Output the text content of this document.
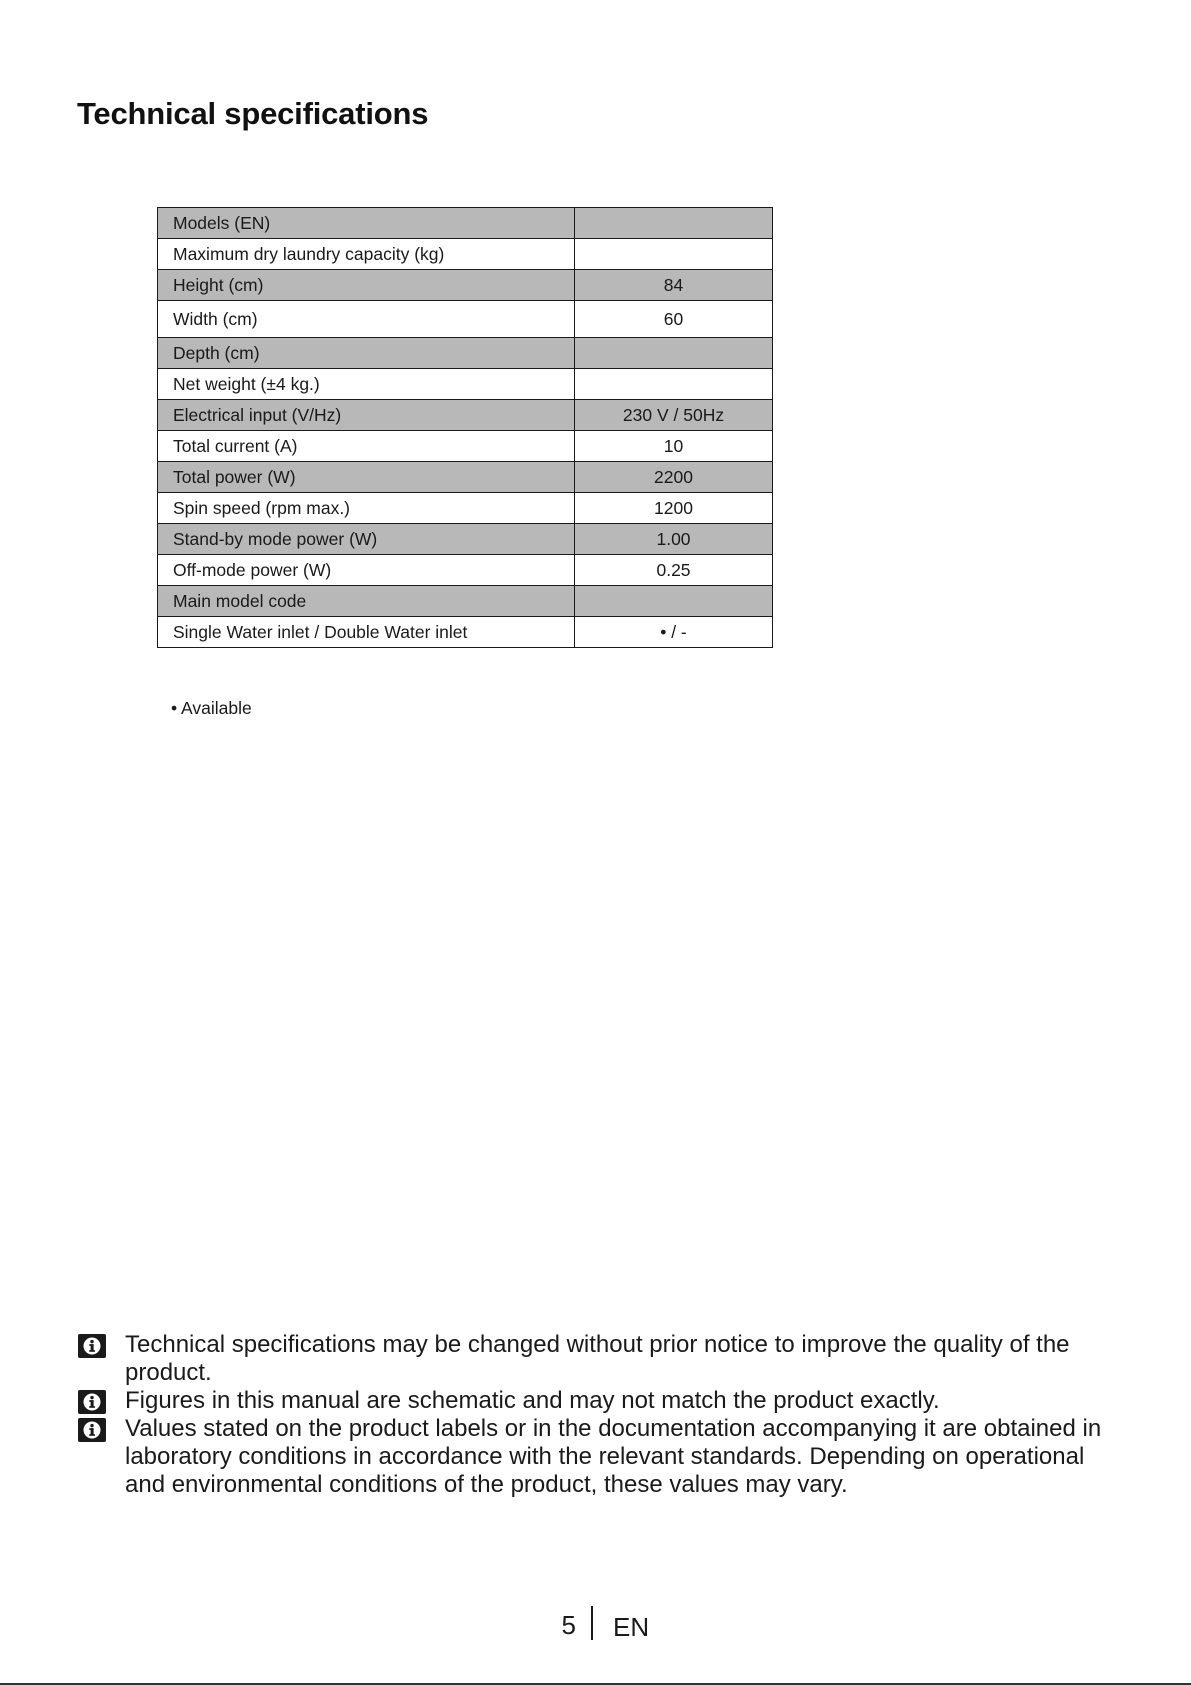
Technical specifications
Models (EN)	
Maximum dry laundry capacity (kg)	
Height (cm)	84
Width (cm)	60
Depth (cm)	
Net weight (±4 kg.)	
Electrical input (V/Hz)	230 V / 50Hz
Total current (A)	10
Total power (W)	2200
Spin speed (rpm max.)	1200
Stand-by mode power (W)	1.00
Off-mode power (W)	0.25
Main model code	
Single Water inlet / Double Water inlet	• / -
• Available

Technical specifications may be changed without prior notice to improve the quality of the product.

Figures in this manual are schematic and may not match the product exactly.

Values stated on the product labels or in the documentation accompanying it are obtained in laboratory conditions in accordance with the relevant standards. Depending on operational and environmental conditions of the product, these values may vary.

5 EN
